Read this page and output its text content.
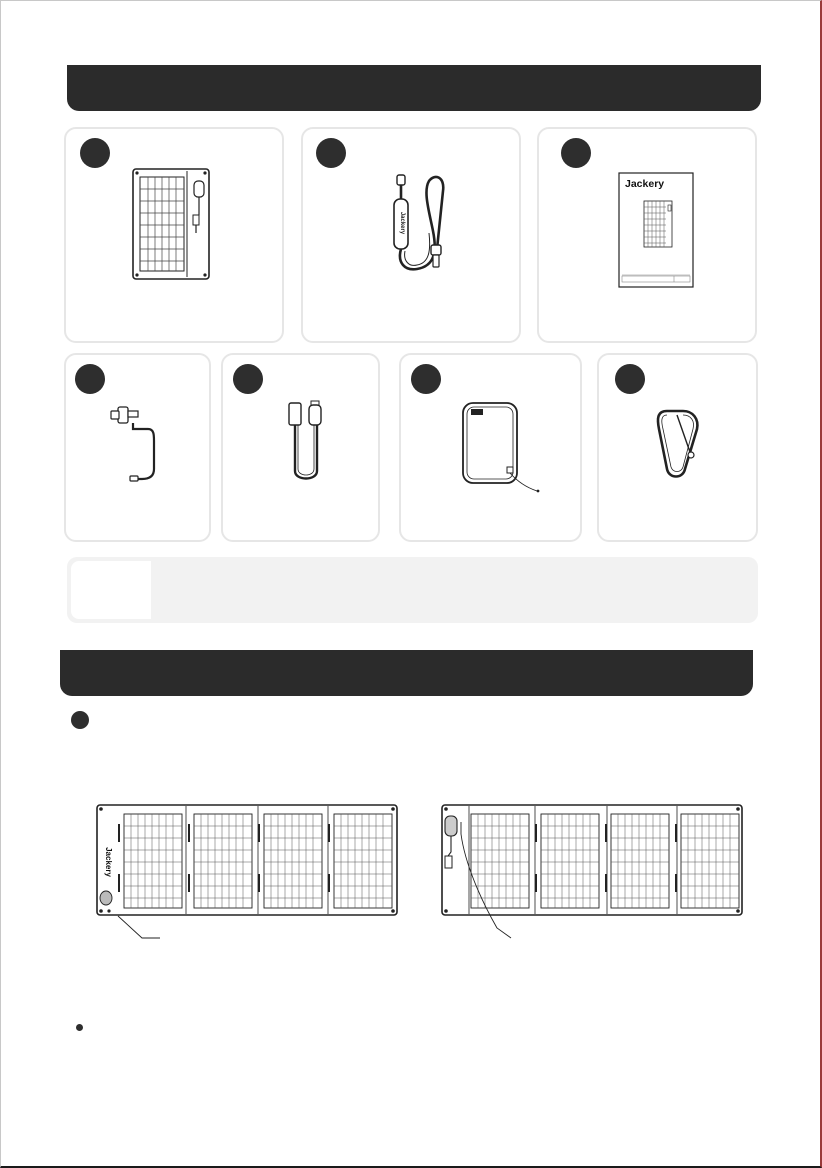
Jackery
Jackery
Jackery
